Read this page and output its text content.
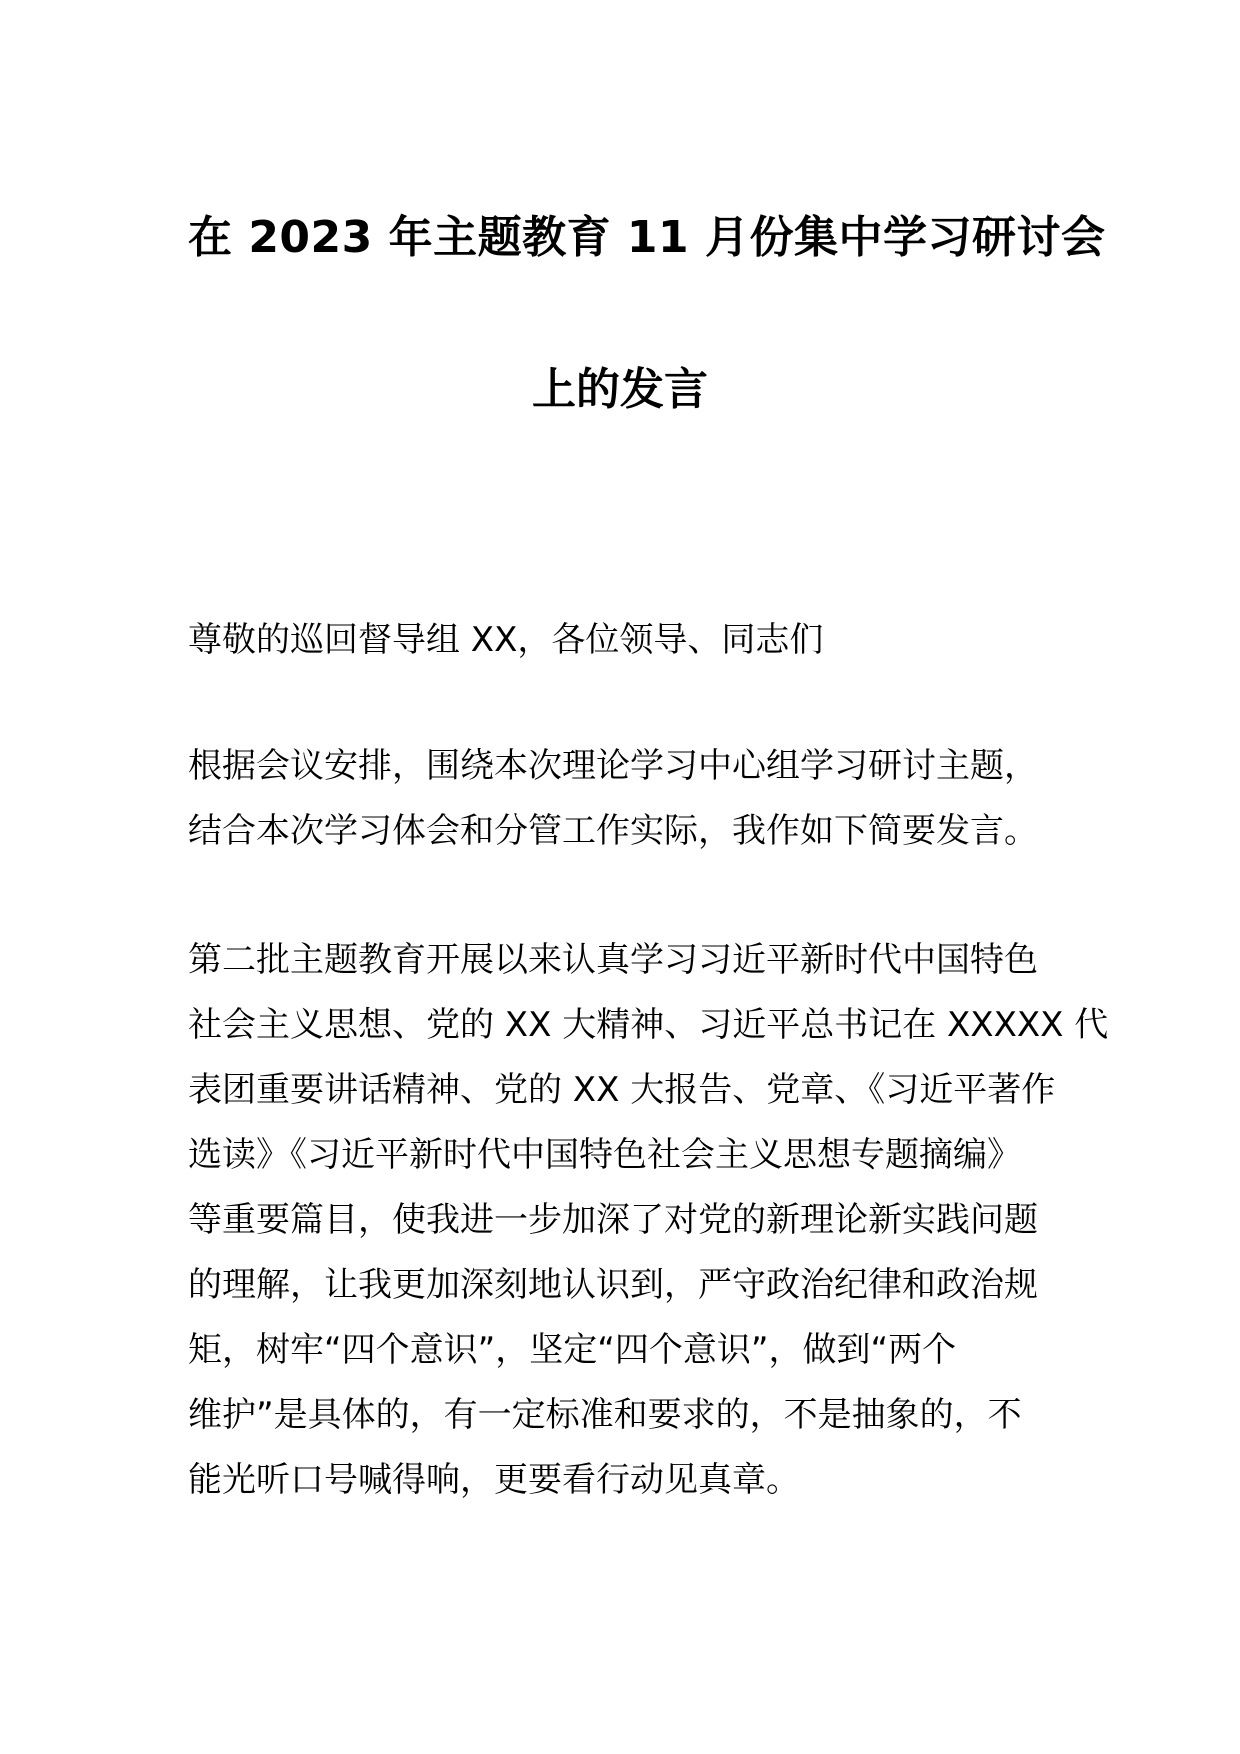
在 2023 年主题教育 11 月份集中学习研讨会
上的发言

尊敬的巡回督导组 XX，各位领导、同志们

根据会议安排，围绕本次理论学习中心组学习研讨主题，
结合本次学习体会和分管工作实际，我作如下简要发言。

第二批主题教育开展以来认真学习习近平新时代中国特色
社会主义思想、党的 XX 大精神、习近平总书记在 XXXXX 代
表团重要讲话精神、党的 XX 大报告、党章、《习近平著作
选读》《习近平新时代中国特色社会主义思想专题摘编》
等重要篇目，使我进一步加深了对党的新理论新实践问题
的理解，让我更加深刻地认识到，严守政治纪律和政治规
矩，树牢“四个意识”，坚定“四个意识”，做到“两个
维护”是具体的，有一定标准和要求的，不是抽象的，不
能光听口号喊得响，更要看行动见真章。
